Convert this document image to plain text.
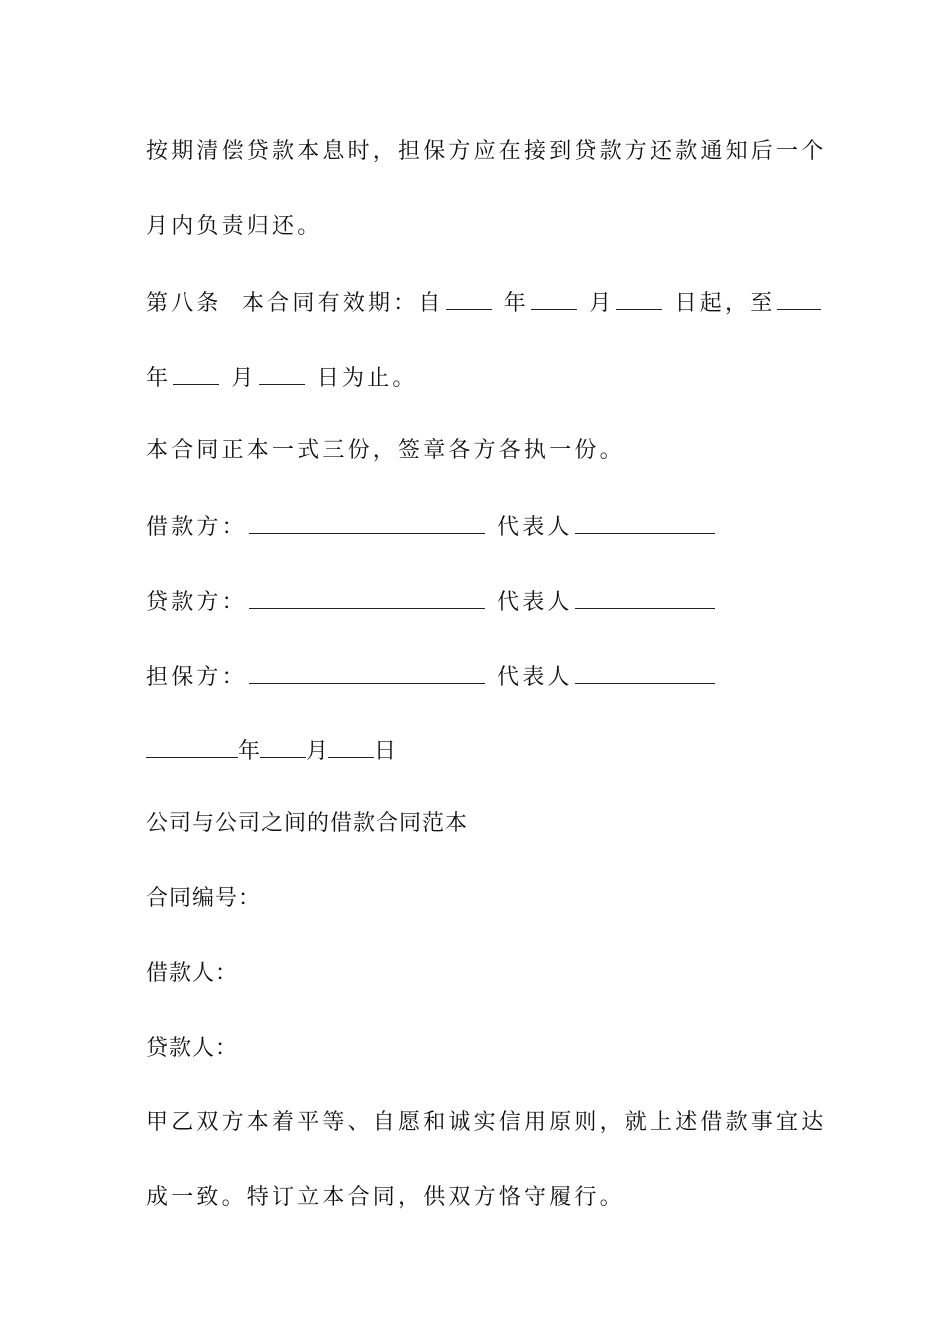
按期清偿贷款本息时，担保方应在接到贷款方还款通知后一个
月内负责归还。
第八条  本合同有效期：自	年	月	日起，至
年	月	日为止。
本合同正本一式三份，签章各方各执一份。
借款方：	代表人
贷款方：	代表人
担保方：	代表人
年 月 日
公司与公司之间的借款合同范本
合同编号：
借款人：
贷款人：
甲乙双方本着平等、自愿和诚实信用原则，就上述借款事宜达
成一致。特订立本合同，供双方恪守履行。
